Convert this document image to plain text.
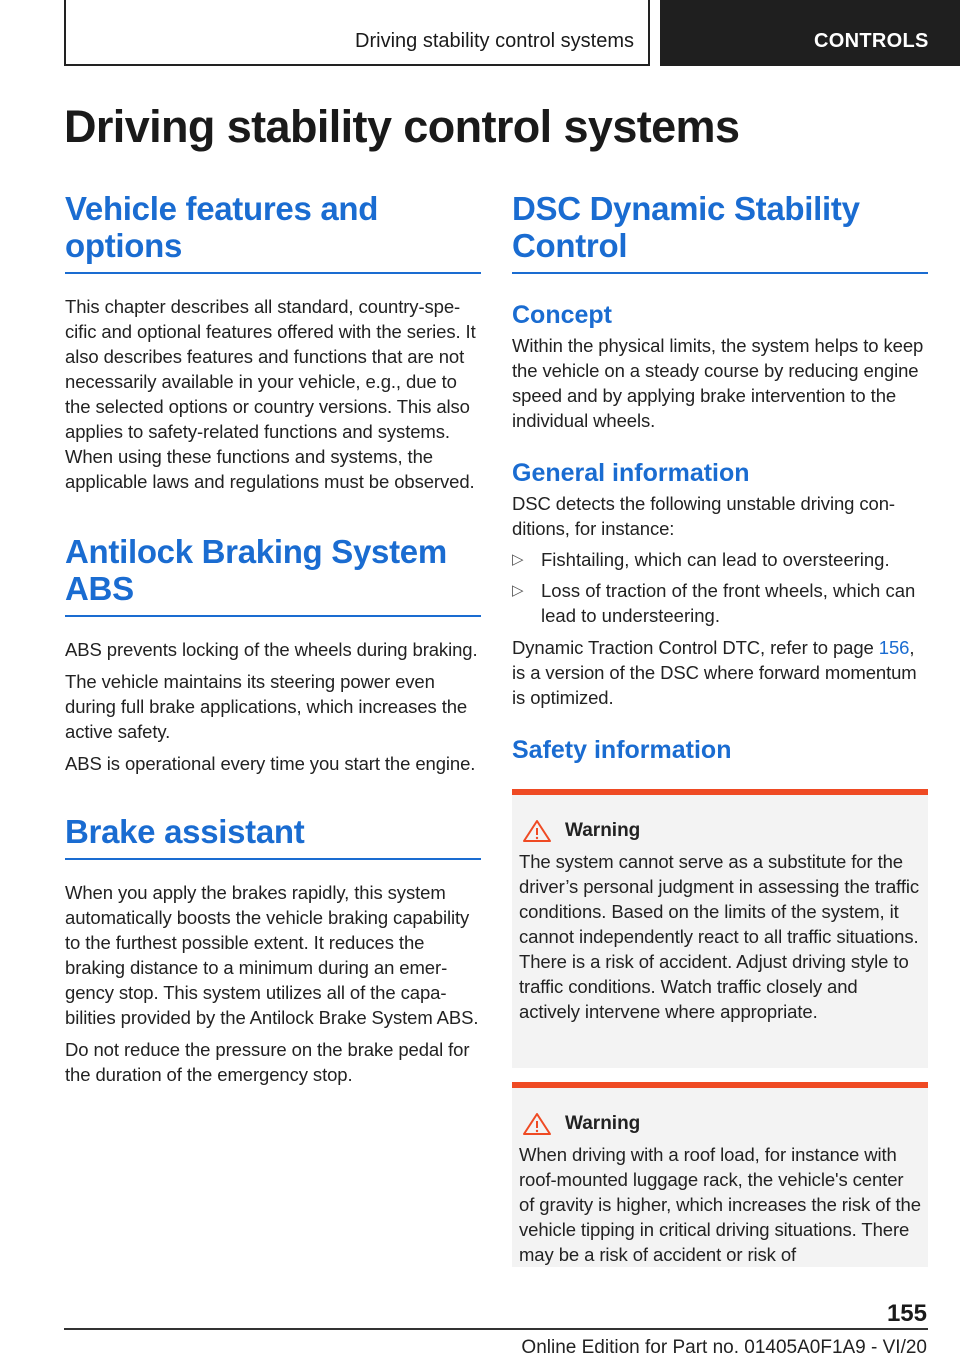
Driving stability control systems	CONTROLS
Driving stability control systems
Vehicle features and options

This chapter describes all standard, country-specific and optional features offered with the series. It also describes features and functions that are not necessarily available in your vehicle, e.g., due to the selected options or country versions. This also applies to safety-related functions and systems. When using these functions and systems, the applicable laws and regulations must be observed.

Antilock Braking System ABS

ABS prevents locking of the wheels during braking.

The vehicle maintains its steering power even during full brake applications, which increases the active safety.

ABS is operational every time you start the engine.

Brake assistant

When you apply the brakes rapidly, this system automatically boosts the vehicle braking capability to the furthest possible extent. It reduces the braking distance to a minimum during an emergency stop. This system utilizes all of the capabilities provided by the Antilock Brake System ABS.

Do not reduce the pressure on the brake pedal for the duration of the emergency stop.

DSC Dynamic Stability Control
Concept

Within the physical limits, the system helps to keep the vehicle on a steady course by reducing engine speed and by applying brake intervention to the individual wheels.

General information

DSC detects the following unstable driving conditions, for instance:

▷ Fishtailing, which can lead to oversteering.
▷ Loss of traction of the front wheels, which can lead to understeering.

Dynamic Traction Control DTC, refer to page 156, is a version of the DSC where forward momentum is optimized.

Safety information
Warning

The system cannot serve as a substitute for the driver’s personal judgment in assessing the traffic conditions. Based on the limits of the system, it cannot independently react to all traffic situations. There is a risk of accident. Adjust driving style to traffic conditions. Watch traffic closely and actively intervene where appropriate.

Warning

When driving with a roof load, for instance with roof-mounted luggage rack, the vehicle's center of gravity is higher, which increases the risk of the vehicle tipping in critical driving situations. There may be a risk of accident or risk of

155
Online Edition for Part no. 01405A0F1A9 - VI/20
